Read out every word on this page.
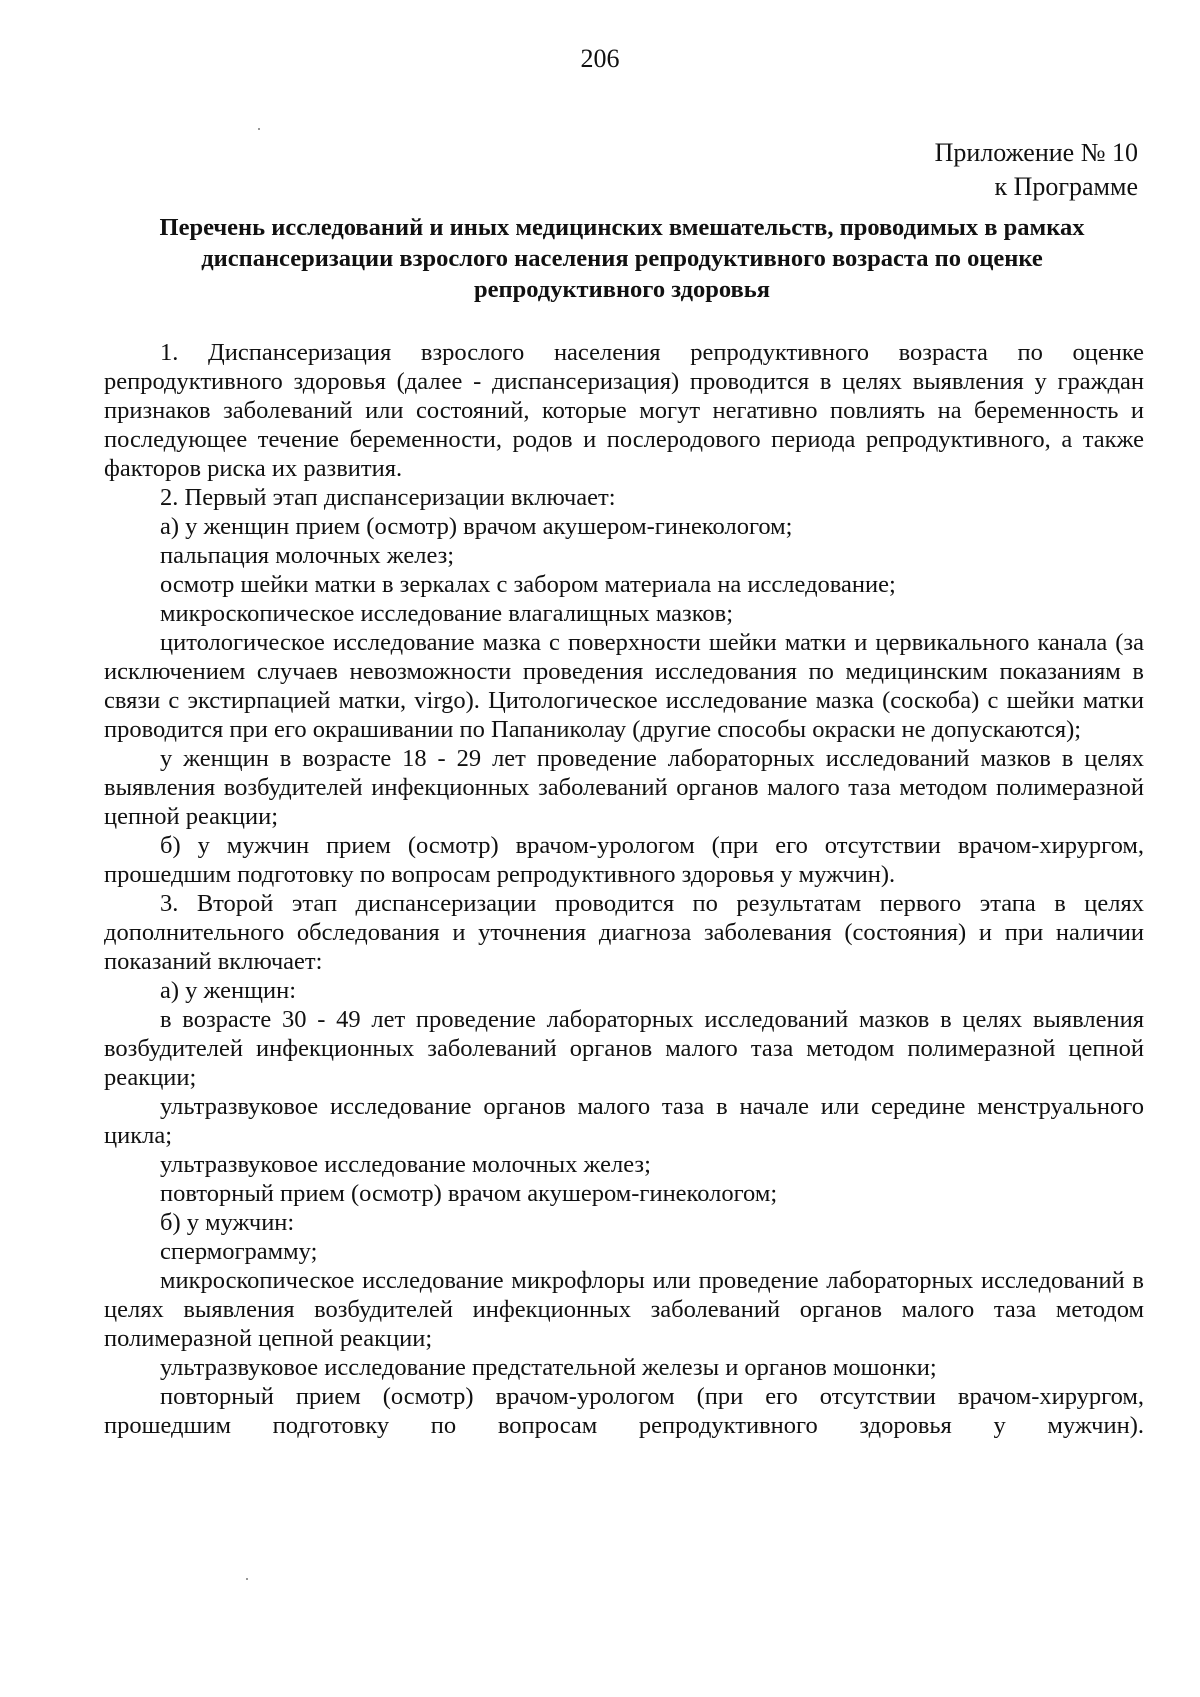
206
Приложение № 10
к Программе
Перечень исследований и иных медицинских вмешательств, проводимых в рамках диспансеризации взрослого населения репродуктивного возраста по оценке репродуктивного здоровья

1. Диспансеризация взрослого населения репродуктивного возраста по оценке репродуктивного здоровья (далее - диспансеризация) проводится в целях выявления у граждан признаков заболеваний или состояний, которые могут негативно повлиять на беременность и последующее течение беременности, родов и послеродового периода репродуктивного, а также факторов риска их развития.

2. Первый этап диспансеризации включает:

а) у женщин прием (осмотр) врачом акушером-гинекологом;

пальпация молочных желез;

осмотр шейки матки в зеркалах с забором материала на исследование;

микроскопическое исследование влагалищных мазков;

цитологическое исследование мазка с поверхности шейки матки и цервикального канала (за исключением случаев невозможности проведения исследования по медицинским показаниям в связи с экстирпацией матки, virgo). Цитологическое исследование мазка (соскоба) с шейки матки проводится при его окрашивании по Папаниколау (другие способы окраски не допускаются);

у женщин в возрасте 18 - 29 лет проведение лабораторных исследований мазков в целях выявления возбудителей инфекционных заболеваний органов малого таза методом полимеразной цепной реакции;

б) у мужчин прием (осмотр) врачом-урологом (при его отсутствии врачом-хирургом, прошедшим подготовку по вопросам репродуктивного здоровья у мужчин).

3. Второй этап диспансеризации проводится по результатам первого этапа в целях дополнительного обследования и уточнения диагноза заболевания (состояния) и при наличии показаний включает:

а) у женщин:

в возрасте 30 - 49 лет проведение лабораторных исследований мазков в целях выявления возбудителей инфекционных заболеваний органов малого таза методом полимеразной цепной реакции;

ультразвуковое исследование органов малого таза в начале или середине менструального цикла;

ультразвуковое исследование молочных желез;

повторный прием (осмотр) врачом акушером-гинекологом;

б) у мужчин:

спермограмму;

микроскопическое исследование микрофлоры или проведение лабораторных исследований в целях выявления возбудителей инфекционных заболеваний органов малого таза методом полимеразной цепной реакции;

ультразвуковое исследование предстательной железы и органов мошонки;

повторный прием (осмотр) врачом-урологом (при его отсутствии врачом-хирургом, прошедшим подготовку по вопросам репродуктивного здоровья у мужчин).
